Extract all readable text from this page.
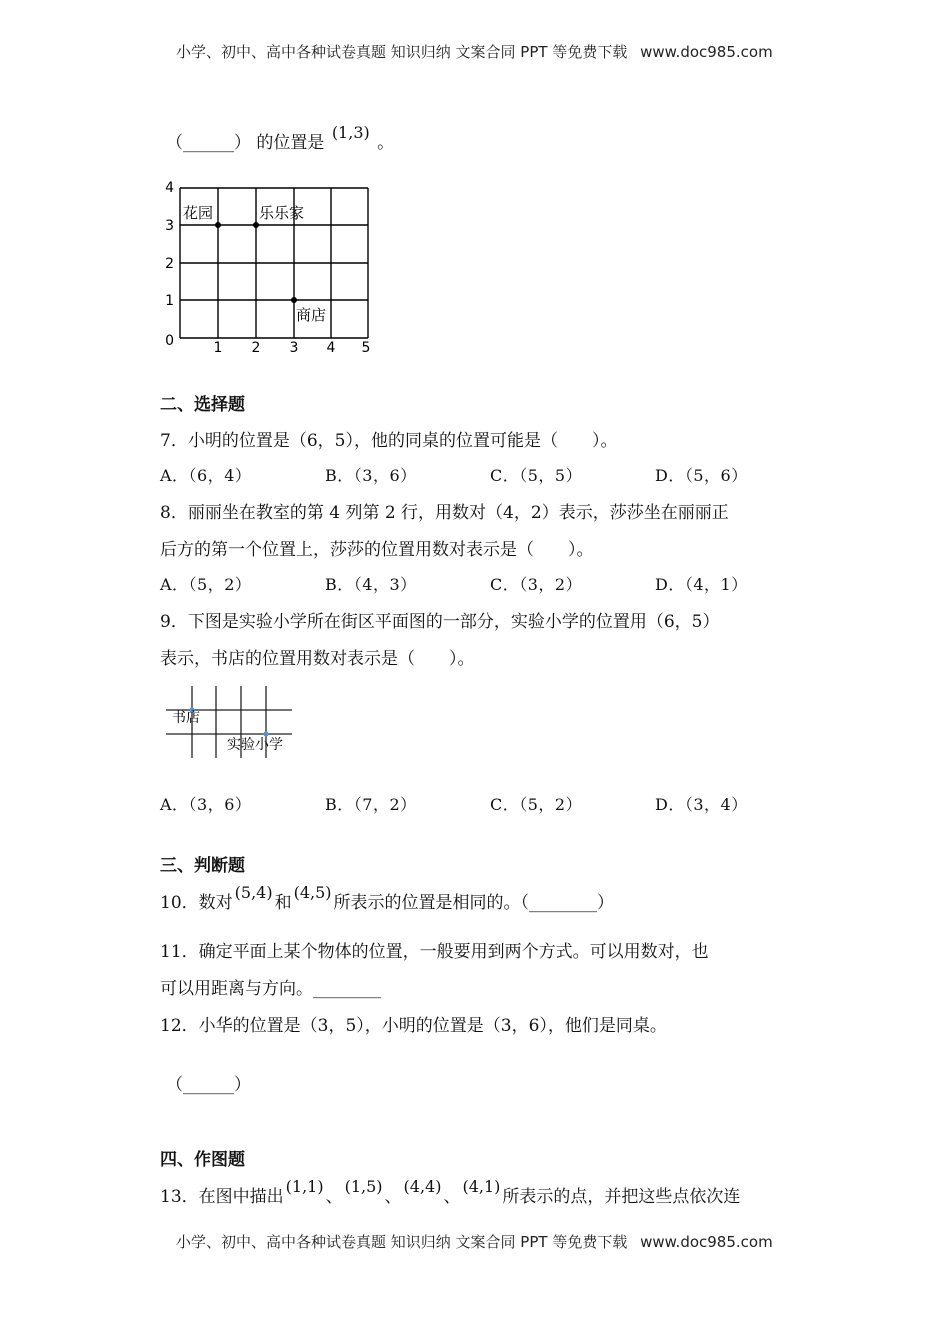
小学、初中、高中各种试卷真题 知识归纳 文案合同 PPT 等免费下载 www.doc985.com
（______） 的位置是 (1,3) 。
0	1 2 3 4 5
1
2
3
4
花园	乐乐家
商店
二、选择题
7．小明的位置是（6，5），他的同桌的位置可能是（　　）。
A．（6，4）	B．（3，6）	C．（5，5）	D．（5，6）
8．丽丽坐在教室的第 4 列第 2 行，用数对（4，2）表示，莎莎坐在丽丽正
后方的第一个位置上，莎莎的位置用数对表示是（　　）。
A．（5，2）	B．（4，3）	C．（3，2）	D．（4，1）
9．下图是实验小学所在街区平面图的一部分，实验小学的位置用（6，5）
表示，书店的位置用数对表示是（　　）。
书店
实验小学
A．（3，6）	B．（7，2）	C．（5，2）	D．（3，4）
三、判断题
10．数对(5,4)和(4,5)所表示的位置是相同的。（________）
11．确定平面上某个物体的位置，一般要用到两个方式。可以用数对，也
可以用距离与方向。________
12．小华的位置是（3，5），小明的位置是（3，6），他们是同桌。
（______）
四、作图题
13．在图中描出(1,1)、(1,5)、(4,4)、(4,1)所表示的点，并把这些点依次连
小学、初中、高中各种试卷真题 知识归纳 文案合同 PPT 等免费下载 www.doc985.com
